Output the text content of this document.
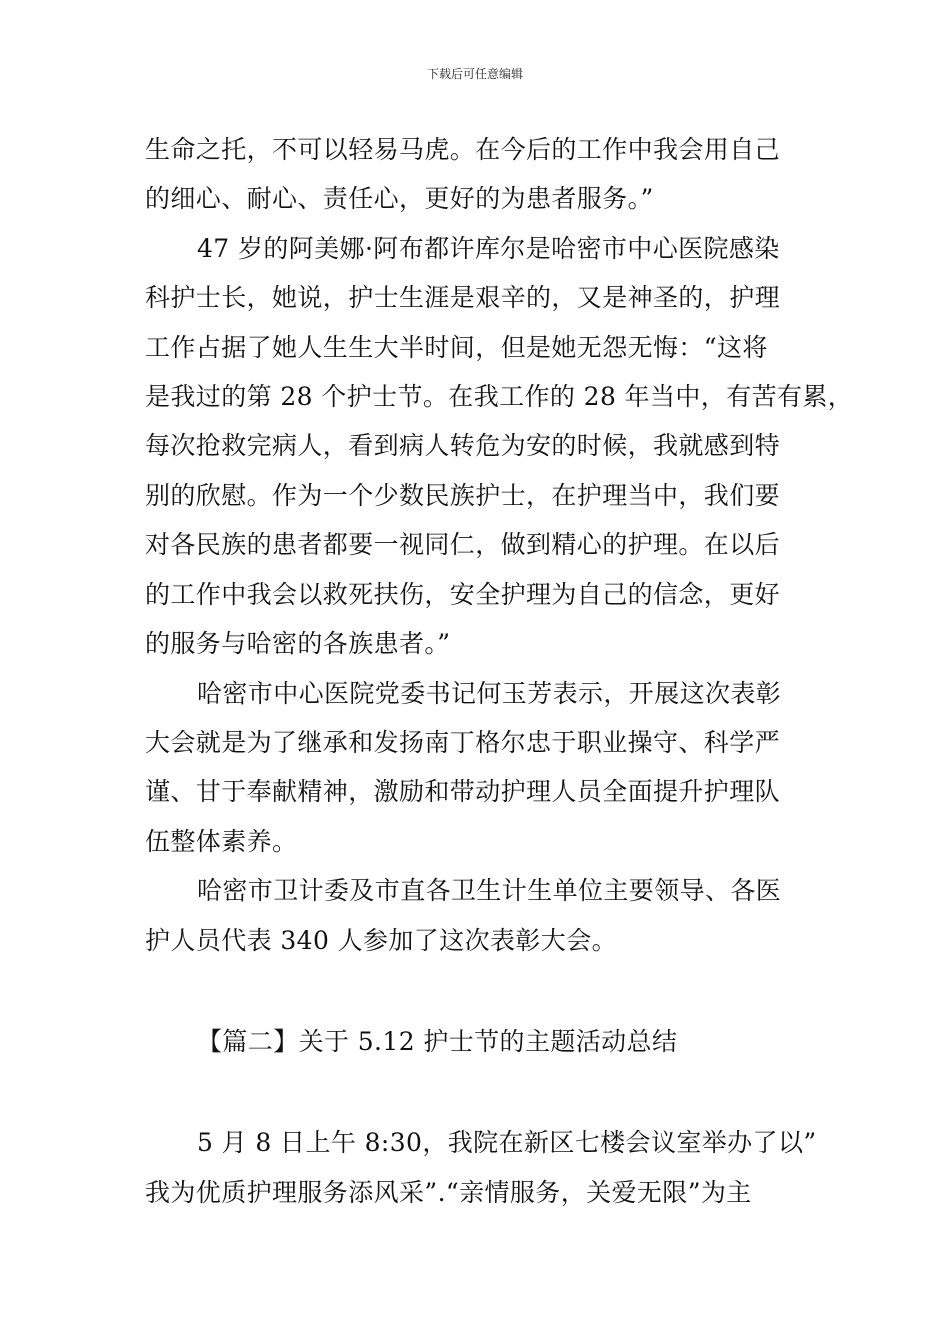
下载后可任意编辑
生命之托，不可以轻易马虎。在今后的工作中我会用自己
的细心、耐心、责任心，更好的为患者服务。”
47 岁的阿美娜·阿布都许库尔是哈密市中心医院感染
科护士长，她说，护士生涯是艰辛的，又是神圣的，护理
工作占据了她人生生大半时间，但是她无怨无悔：“这将
是我过的第 28 个护士节。在我工作的 28 年当中，有苦有累，
每次抢救完病人，看到病人转危为安的时候，我就感到特
别的欣慰。作为一个少数民族护士，在护理当中，我们要
对各民族的患者都要一视同仁，做到精心的护理。在以后
的工作中我会以救死扶伤，安全护理为自己的信念，更好
的服务与哈密的各族患者。”
哈密市中心医院党委书记何玉芳表示，开展这次表彰
大会就是为了继承和发扬南丁格尔忠于职业操守、科学严
谨、甘于奉献精神，激励和带动护理人员全面提升护理队
伍整体素养。
哈密市卫计委及市直各卫生计生单位主要领导、各医
护人员代表 340 人参加了这次表彰大会。
【篇二】关于 5.12 护士节的主题活动总结
5 月 8 日上午 8:30，我院在新区七楼会议室举办了以”
我为优质护理服务添风采”.“亲情服务，关爱无限”为主
